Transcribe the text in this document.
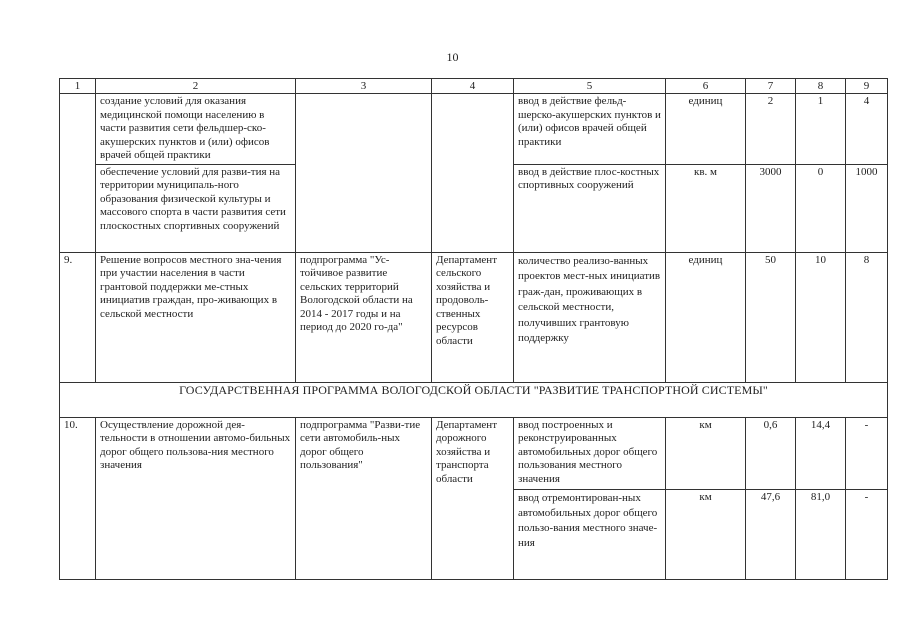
10
1	2	3	4	5	6	7	8	9
	создание условий для оказания медицинской помощи населению в части развития сети фельдшер-ско-акушерских пунктов и (или) офисов врачей общей практики			ввод в действие фельд-шерско-акушерских пунктов и (или) офисов врачей общей практики	единиц	2	1	4
	обеспечение условий для разви-тия на территории муниципаль-ного образования физической культуры и массового спорта в части развития сети плоскостных спортивных сооружений			ввод в действие плос-костных спортивных сооружений	кв. м	3000	0	1000
9.	Решение вопросов местного зна-чения при участии населения в части грантовой поддержки ме-стных инициатив граждан, про-живающих в сельской местности	подпрограмма "Ус-тойчивое развитие сельских территорий Вологодской области на 2014 - 2017 годы и на период до 2020 го-да"	Департамент сельского хозяйства и продоволь-ственных ресурсов области	количество реализо-ванных проектов мест-ных инициатив граж-дан, проживающих в сельской местности, получивших грантовую поддержку	единиц	50	10	8
ГОСУДАРСТВЕННАЯ ПРОГРАММА ВОЛОГОДСКОЙ ОБЛАСТИ "РАЗВИТИЕ ТРАНСПОРТНОЙ СИСТЕМЫ"								
10.	Осуществление дорожной дея-тельности в отношении автомо-бильных дорог общего пользова-ния местного значения	подпрограмма "Разви-тие сети автомобиль-ных дорог общего пользования"	Департамент дорожного хозяйства и транспорта области	ввод построенных и реконструированных автомобильных дорог общего пользования местного значения	км	0,6	14,4	-
				ввод отремонтирован-ных автомобильных дорог общего пользо-вания местного значе-ния	км	47,6	81,0	-
